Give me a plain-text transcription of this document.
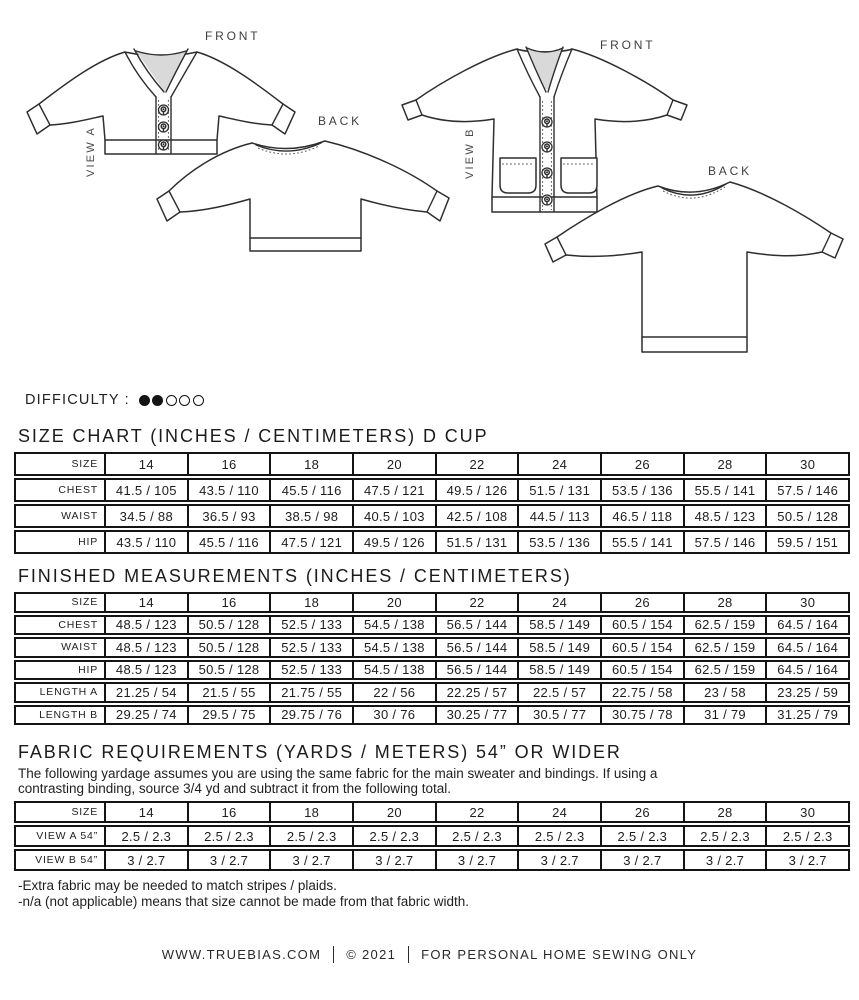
FRONT
BACK
VIEW A
FRONT
BACK
VIEW B
DIFFICULTY :
SIZE CHART (INCHES / CENTIMETERS) D CUP
SIZE	14	16	18	20	22	24	26	28	30
CHEST	41.5 / 105	43.5 / 110	45.5 / 116	47.5 / 121	49.5 / 126	51.5 / 131	53.5 / 136	55.5 / 141	57.5 / 146
WAIST	34.5 / 88	36.5 / 93	38.5 / 98	40.5 / 103	42.5 / 108	44.5 / 113	46.5 / 118	48.5 / 123	50.5 / 128
HIP	43.5 / 110	45.5 / 116	47.5 / 121	49.5 / 126	51.5 / 131	53.5 / 136	55.5 / 141	57.5 / 146	59.5 / 151
FINISHED MEASUREMENTS (INCHES / CENTIMETERS)
SIZE	14	16	18	20	22	24	26	28	30
CHEST	48.5 / 123	50.5 / 128	52.5 / 133	54.5 / 138	56.5 / 144	58.5 / 149	60.5 / 154	62.5 / 159	64.5 / 164
WAIST	48.5 / 123	50.5 / 128	52.5 / 133	54.5 / 138	56.5 / 144	58.5 / 149	60.5 / 154	62.5 / 159	64.5 / 164
HIP	48.5 / 123	50.5 / 128	52.5 / 133	54.5 / 138	56.5 / 144	58.5 / 149	60.5 / 154	62.5 / 159	64.5 / 164
LENGTH A	21.25 / 54	21.5 / 55	21.75 / 55	22 / 56	22.25 / 57	22.5 / 57	22.75 / 58	23 / 58	23.25 / 59
LENGTH B	29.25 / 74	29.5 / 75	29.75 / 76	30 / 76	30.25 / 77	30.5 / 77	30.75 / 78	31 / 79	31.25 / 79
FABRIC REQUIREMENTS (YARDS / METERS) 54” OR WIDER
The following yardage assumes you are using the same fabric for the main sweater and bindings. If using a
contrasting binding, source 3/4 yd and subtract it from the following total.
SIZE	14	16	18	20	22	24	26	28	30
VIEW A 54”	2.5 / 2.3	2.5 / 2.3	2.5 / 2.3	2.5 / 2.3	2.5 / 2.3	2.5 / 2.3	2.5 / 2.3	2.5 / 2.3	2.5 / 2.3
VIEW B 54”	3 / 2.7	3 / 2.7	3 / 2.7	3 / 2.7	3 / 2.7	3 / 2.7	3 / 2.7	3 / 2.7	3 / 2.7
-Extra fabric may be needed to match stripes / plaids.
-n/a (not applicable) means that size cannot be made from that fabric width.
WWW.TRUEBIAS.COM © 2021 FOR PERSONAL HOME SEWING ONLY
